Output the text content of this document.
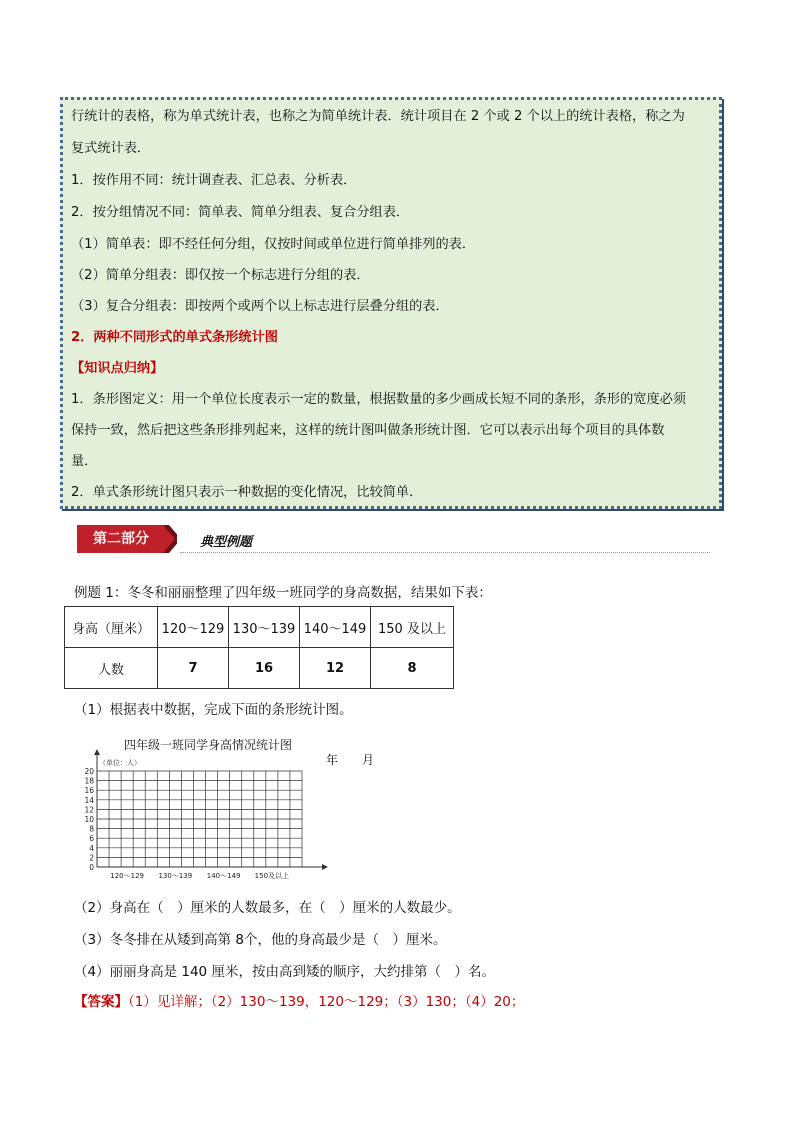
行统计的表格，称为单式统计表，也称之为简单统计表．统计项目在 2 个或 2 个以上的统计表格，称之为
复式统计表．
1．按作用不同：统计调查表、汇总表、分析表．
2．按分组情况不同：简单表、简单分组表、复合分组表．
（1）简单表：即不经任何分组，仅按时间或单位进行简单排列的表．
（2）简单分组表：即仅按一个标志进行分组的表．
（3）复合分组表：即按两个或两个以上标志进行层叠分组的表．
2．两种不同形式的单式条形统计图
【知识点归纳】
1．条形图定义：用一个单位长度表示一定的数量，根据数量的多少画成长短不同的条形，条形的宽度必须
保持一致，然后把这些条形排列起来，这样的统计图叫做条形统计图．它可以表示出每个项目的具体数
量．
2．单式条形统计图只表示一种数据的变化情况，比较简单．
第二部分	典型例题
例题 1：冬冬和丽丽整理了四年级一班同学的身高数据，结果如下表：
身高（厘米）	120～129	130～139	140～149	150 及以上
人数	7	16	12	8
（1）根据表中数据，完成下面的条形统计图。
四年级一班同学身高情况统计图
年　　月
（单位：人）
0
2
4
6
8
10
12
14
16
18
20
120～129 130～139 140～149 150及以上
（2）身高在（　）厘米的人数最多，在（　）厘米的人数最少。
（3）冬冬排在从矮到高第 8个，他的身高最少是（　）厘米。
（4）丽丽身高是 140 厘米，按由高到矮的顺序，大约排第（　）名。
【答案】（1）见详解；（2）130～139，120～129；（3）130；（4）20；
